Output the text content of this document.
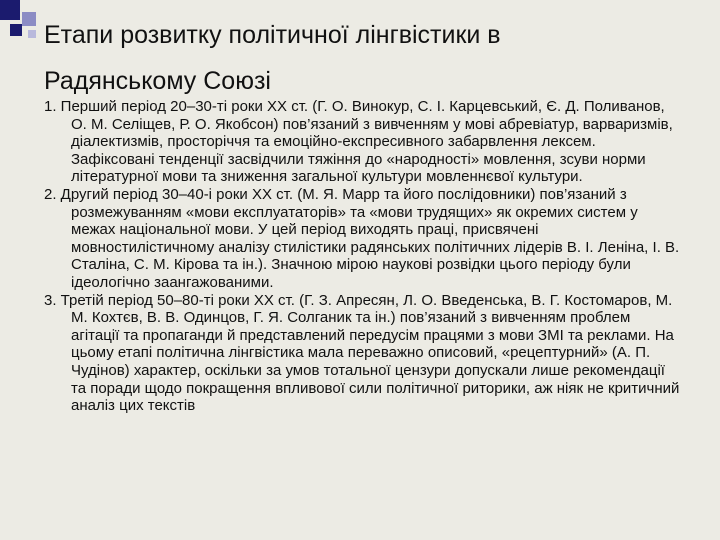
Етапи розвитку політичної лінгвістики в
Радянському Союзі

1. Перший період 20–30-ті роки ХХ ст. (Г. О. Винокур, С. І. Карцевський, Є. Д. Поливанов, О. М. Селіщев, Р. О. Якобсон) пов’язаний з вивченням у мові абревіатур, варваризмів, діалектизмів, просторіччя та емоційно-експресивного забарвлення лексем. Зафіксовані тенденції засвідчили тяжіння до «народності» мовлення, зсуви норми літературної мови та зниження загальної культури мовленнєвої культури.

2. Другий період 30–40-і роки ХХ ст. (М. Я. Марр та його послідовники) пов’язаний з розмежуванням «мови експлуататорів» та «мови трудящих» як окремих систем у межах національної мови. У цей період виходять праці, присвячені мовностилістичному аналізу стилістики радянських політичних лідерів В. І. Леніна, І. В. Сталіна, С. М. Кірова та ін.). Значною мірою наукові розвідки цього періоду були ідеологічно заангажованими.

3. Третій період 50–80-ті роки ХХ ст. (Г. З. Апресян, Л. О. Введенська, В. Г. Костомаров, М. М. Кохтєв, В. В. Одинцов, Г. Я. Солганик та ін.) пов’язаний з вивченням проблем агітації та пропаганди й представлений передусім працями з мови ЗМІ та реклами. На цьому етапі політична лінгвістика мала переважно описовий, «рецептурний» (А. П. Чудінов) характер, оскільки за умов тотальної цензури допускали лише рекомендації та поради щодо покращення впливової сили політичної риторики, аж ніяк не критичний аналіз цих текстів
